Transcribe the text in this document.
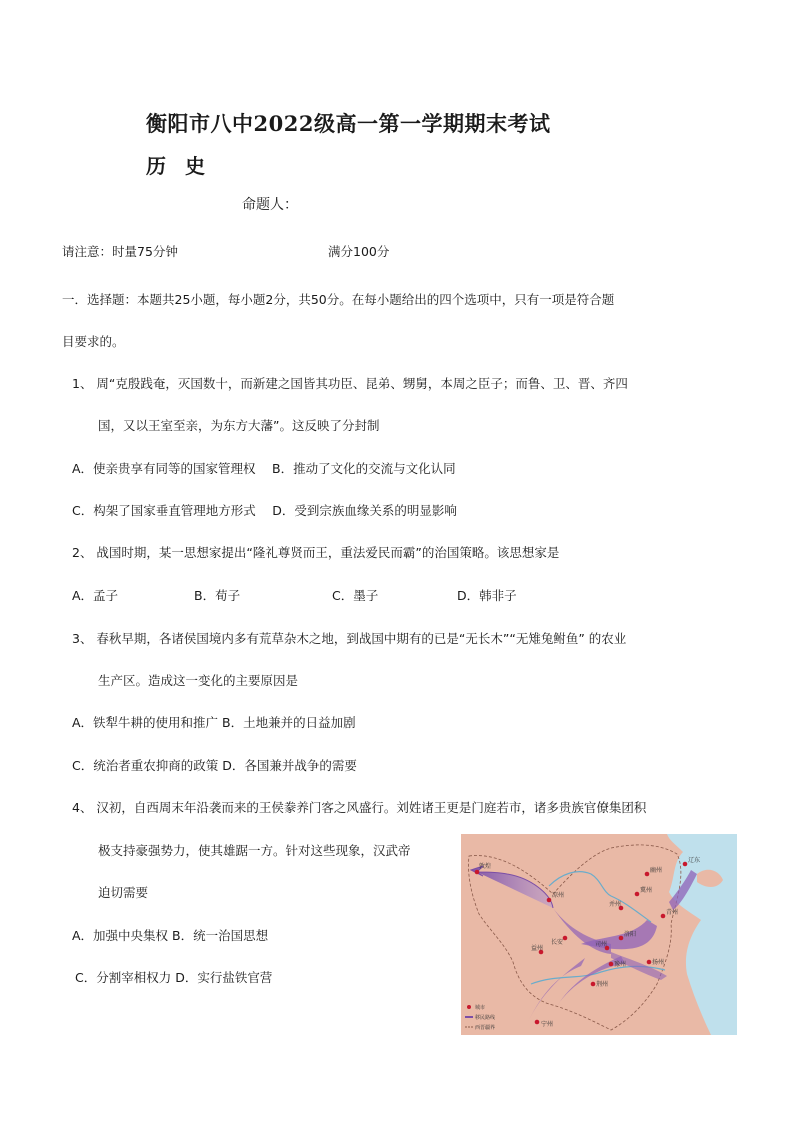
衡阳市八中2022级高一第一学期期末考试
历 史
命题人：
请注意：时量75分钟	满分100分
一．选择题：本题共25小题，每小题2分，共50分。在每小题给出的四个选项中，只有一项是符合题
目要求的。
1、 周“克殷践奄，灭国数十，而新建之国皆其功臣、昆弟、甥舅，本周之臣子；而鲁、卫、晋、齐四
国，又以王室至亲，为东方大藩”。这反映了分封制
A．使亲贵享有同等的国家管理权　 B．推动了文化的交流与文化认同
C．构架了国家垂直管理地方形式　 D．受到宗族血缘关系的明显影响
2、 战国时期，某一思想家提出“隆礼尊贤而王，重法爱民而霸”的治国策略。该思想家是
A．孟子	B．荀子	C．墨子	D．韩非子
3、 春秋早期，各诸侯国境内多有荒草杂木之地，到战国中期有的已是“无长木”“无雉兔鲋鱼” 的农业
生产区。造成这一变化的主要原因是
A．铁犁牛耕的使用和推广 B．土地兼并的日益加剧
C．统治者重农抑商的政策 D．各国兼并战争的需要
4、 汉初，自西周末年沿袭而来的王侯豢养门客之风盛行。刘姓诸王更是门庭若市，诸多贵族官僚集团积
极支持豪强势力，使其雄踞一方。针对这些现象，汉武帝
迫切需要
A．加强中央集权 B．统一治国思想
C．分割宰相权力 D．实行盐铁官营
敦煌
凉州
长安
洛阳
幽州
冀州
并州
青州
辽东
益州
司州
豫州
荆州
扬州
宁州
城市
移民路线
西晋疆界
